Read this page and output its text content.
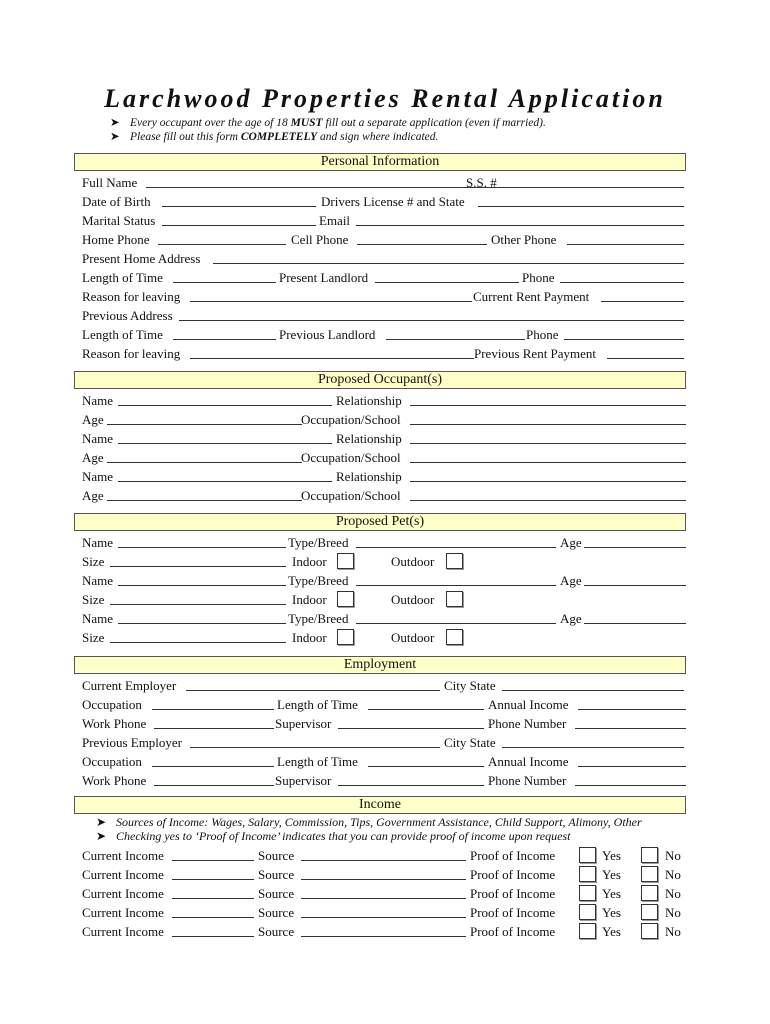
Larchwood Properties Rental Application
➤ Every occupant over the age of 18 MUST fill out a separate application (even if married).
➤ Please fill out this form COMPLETELY and sign where indicated.
Personal Information
Full Name	S.S. #
Date of Birth	Drivers License # and State
Marital Status	Email
Home Phone	Cell Phone	Other Phone
Present Home Address
Length of Time	Present Landlord	Phone
Reason for leaving	Current Rent Payment
Previous Address
Length of Time	Previous Landlord	Phone
Reason for leaving	Previous Rent Payment
Proposed Occupant(s)
Name	Relationship
Age	Occupation/School
Name	Relationship
Age	Occupation/School
Name	Relationship
Age	Occupation/School
Proposed Pet(s)
Name	Type/Breed	Age
Size	Indoor	Outdoor
Name	Type/Breed	Age
Size	Indoor	Outdoor
Name	Type/Breed	Age
Size	Indoor	Outdoor
Employment
Current Employer	City State
Occupation	Length of Time	Annual Income
Work Phone	Supervisor	Phone Number
Previous Employer	City State
Occupation	Length of Time	Annual Income
Work Phone	Supervisor	Phone Number
Income
➤ Sources of Income: Wages, Salary, Commission, Tips, Government Assistance, Child Support, Alimony, Other
➤ Checking yes to ‘Proof of Income’ indicates that you can provide proof of income upon request
Current Income	Source	Proof of Income	Yes	No
Current Income	Source	Proof of Income	Yes	No
Current Income	Source	Proof of Income	Yes	No
Current Income	Source	Proof of Income	Yes	No
Current Income	Source	Proof of Income	Yes	No
